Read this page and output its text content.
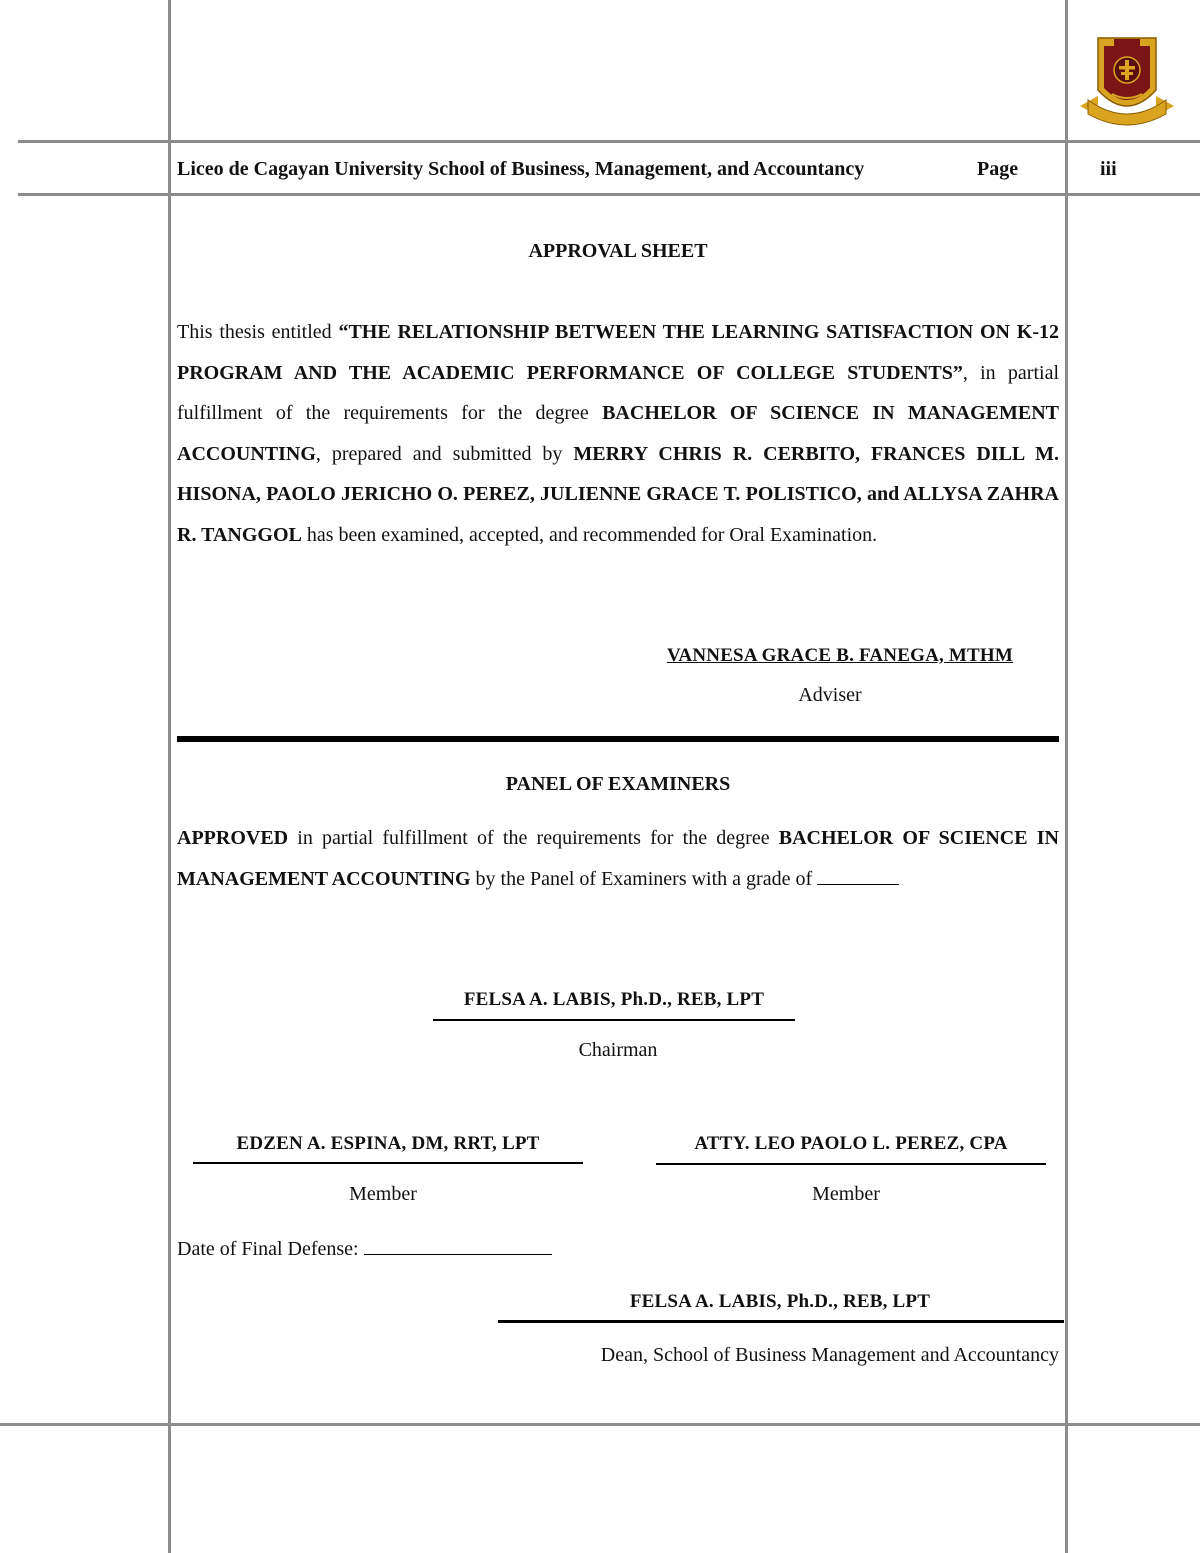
Liceo de Cagayan University School of Business, Management, and Accountancy	Page	iii
APPROVAL SHEET
This thesis entitled “THE RELATIONSHIP BETWEEN THE LEARNING SATISFACTION ON K-12 PROGRAM AND THE ACADEMIC PERFORMANCE OF COLLEGE STUDENTS”, in partial fulfillment of the requirements for the degree BACHELOR OF SCIENCE IN MANAGEMENT ACCOUNTING, prepared and submitted by MERRY CHRIS R. CERBITO, FRANCES DILL M. HISONA, PAOLO JERICHO O. PEREZ, JULIENNE GRACE T. POLISTICO, and ALLYSA ZAHRA R. TANGGOL has been examined, accepted, and recommended for Oral Examination.
VANNESA GRACE B. FANEGA, MTHM
Adviser
PANEL OF EXAMINERS
APPROVED in partial fulfillment of the requirements for the degree BACHELOR OF SCIENCE IN MANAGEMENT ACCOUNTING by the Panel of Examiners with a grade of
FELSA A. LABIS, Ph.D., REB, LPT
Chairman
EDZEN A. ESPINA, DM, RRT, LPT
Member
ATTY. LEO PAOLO L. PEREZ, CPA
Member
Date of Final Defense:
FELSA A. LABIS, Ph.D., REB, LPT
Dean, School of Business Management and Accountancy
